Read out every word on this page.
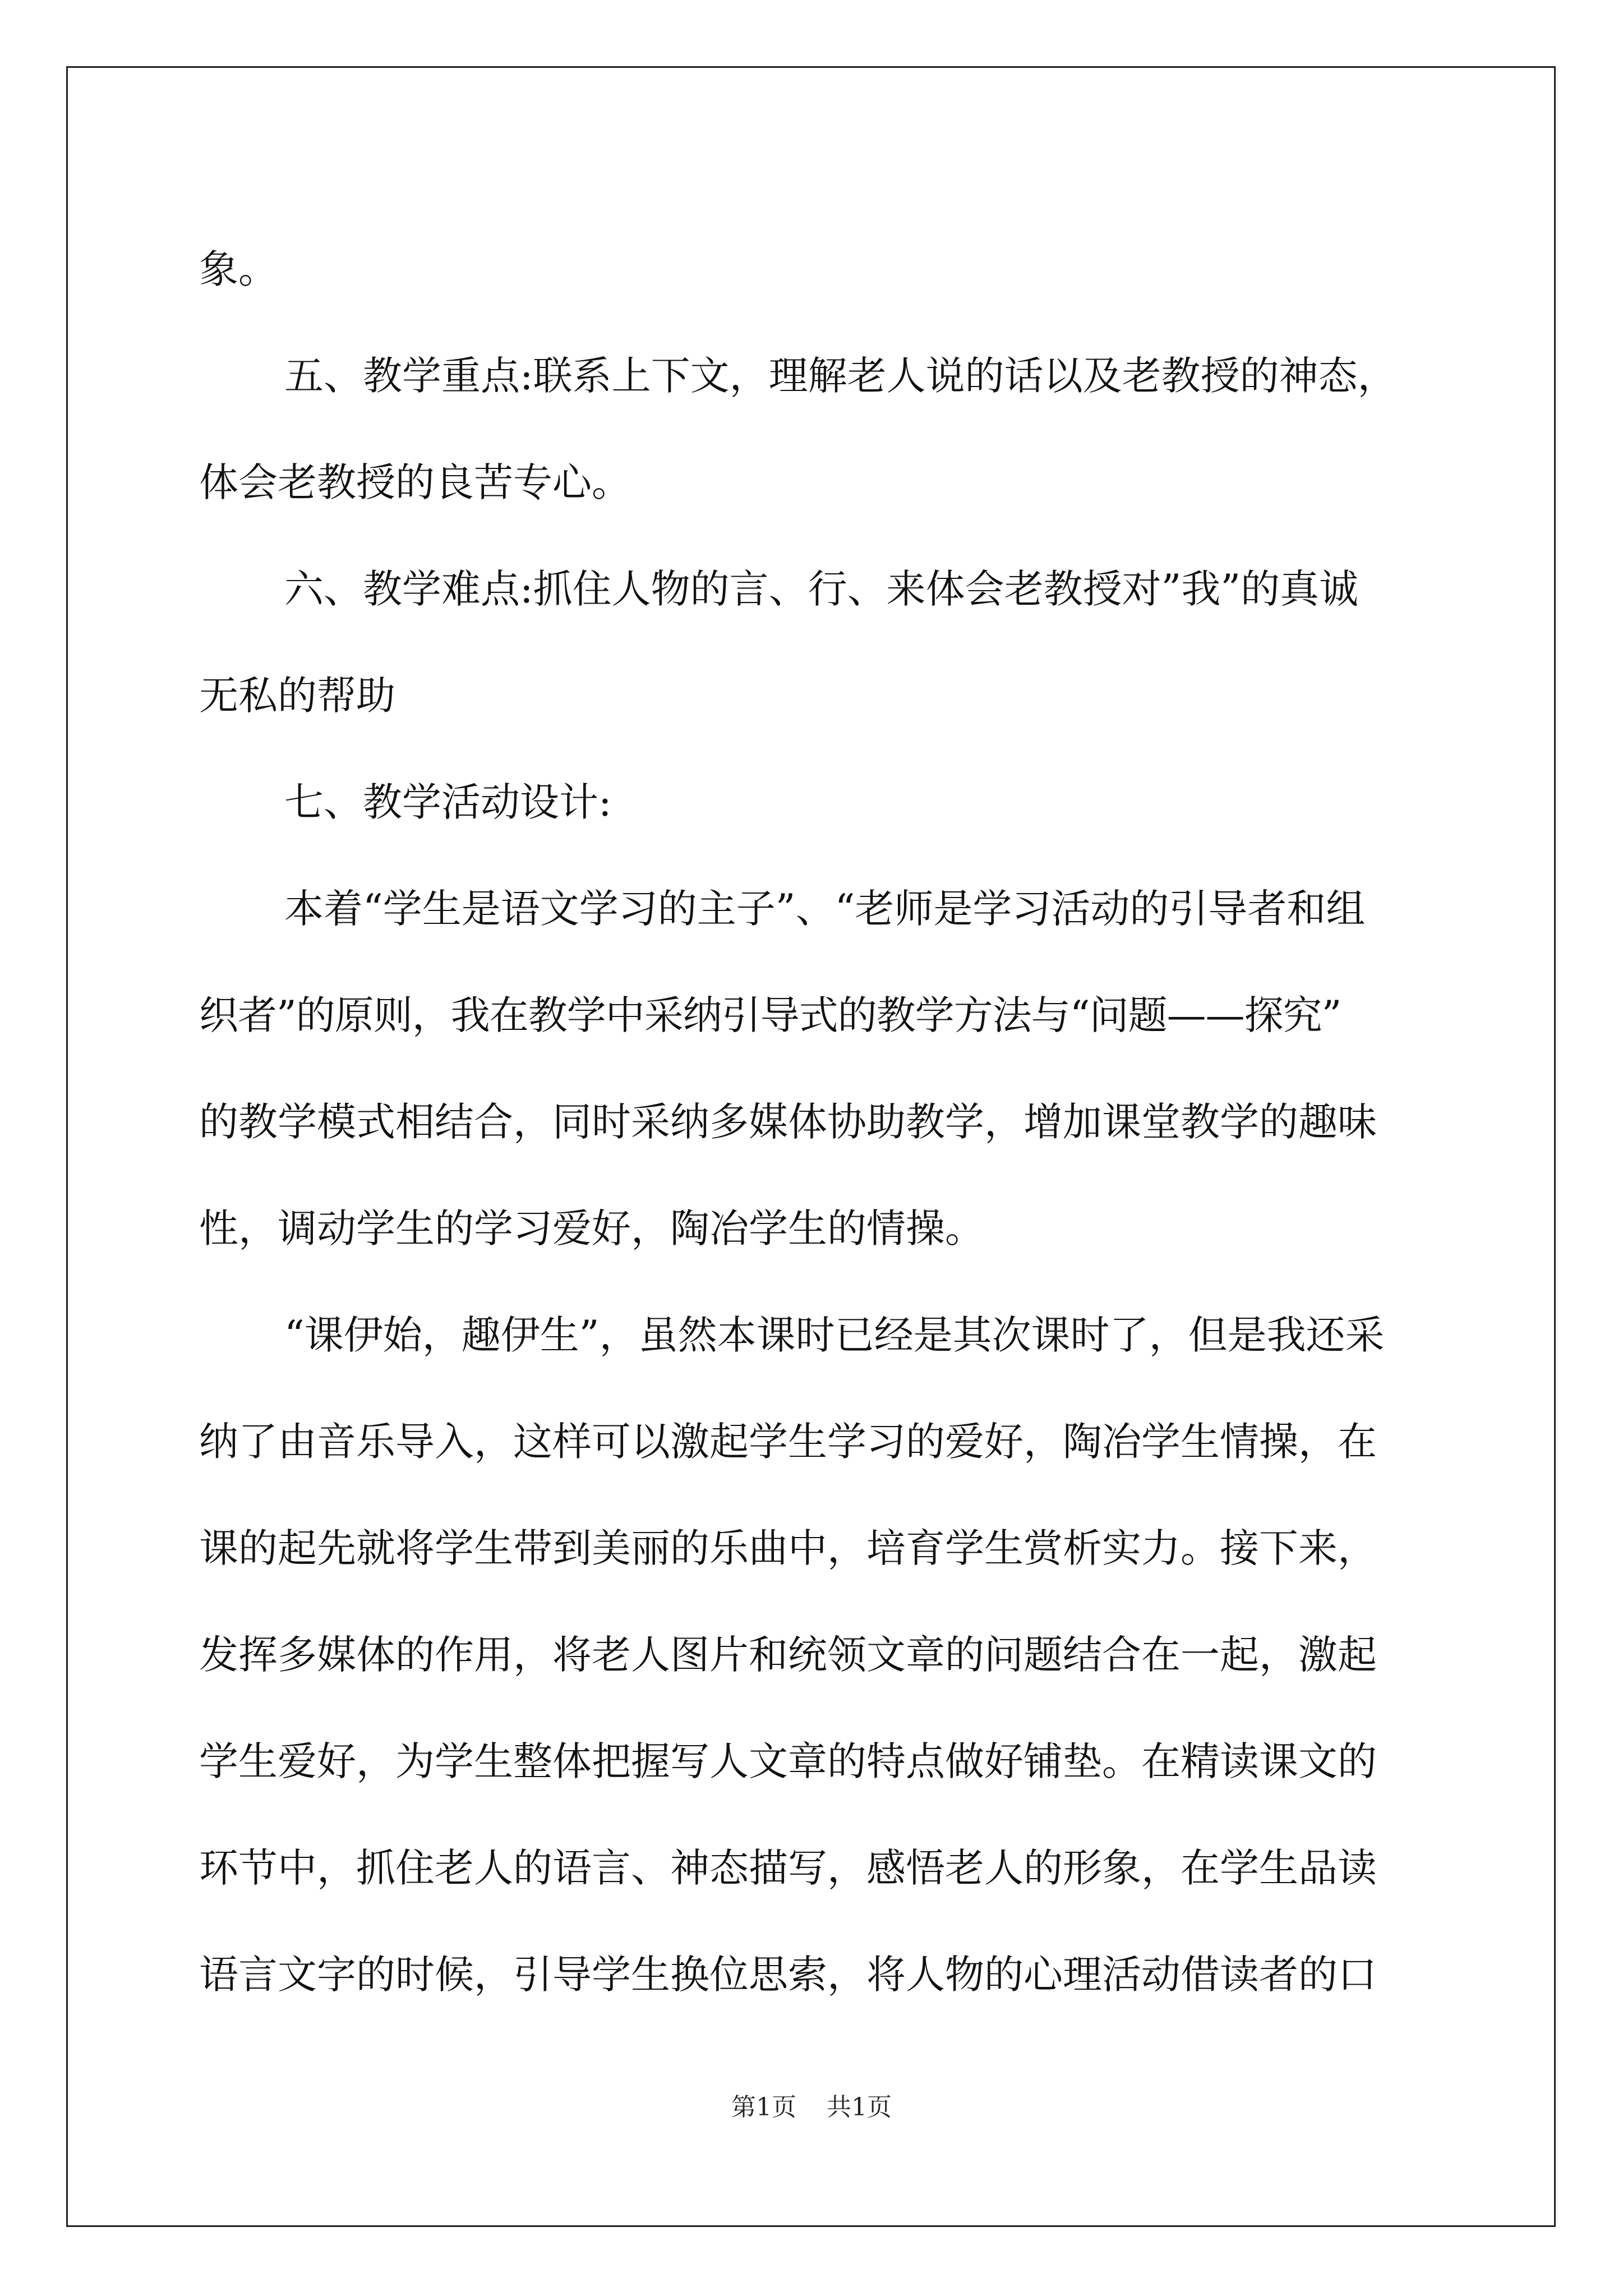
象。
五、教学重点:联系上下文，理解老人说的话以及老教授的神态，
体会老教授的良苦专心。
六、教学难点:抓住人物的言、行、来体会老教授对”我”的真诚
无私的帮助
七、教学活动设计:
本着“学生是语文学习的主子”、“老师是学习活动的引导者和组
织者”的原则，我在教学中采纳引导式的教学方法与“问题——探究”
的教学模式相结合，同时采纳多媒体协助教学，增加课堂教学的趣味
性，调动学生的学习爱好，陶冶学生的情操。
“课伊始，趣伊生”，虽然本课时已经是其次课时了，但是我还采
纳了由音乐导入，这样可以激起学生学习的爱好，陶冶学生情操，在
课的起先就将学生带到美丽的乐曲中，培育学生赏析实力。接下来，
发挥多媒体的作用，将老人图片和统领文章的问题结合在一起，激起
学生爱好，为学生整体把握写人文章的特点做好铺垫。在精读课文的
环节中，抓住老人的语言、神态描写，感悟老人的形象，在学生品读
语言文字的时候，引导学生换位思索，将人物的心理活动借读者的口
第1页 共1页
